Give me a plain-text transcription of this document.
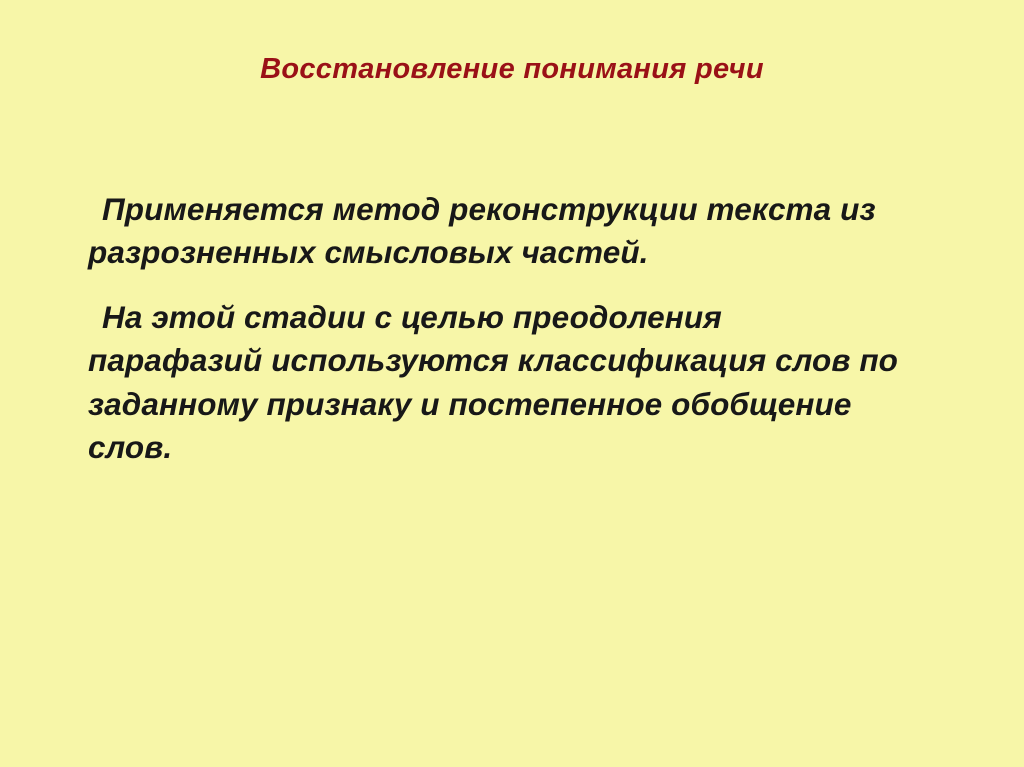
Восстановление понимания речи

Применяется метод реконструкции текста из разрозненных смысловых частей.

На этой стадии с целью преодоления парафазий используются классификация слов по заданному признаку и постепенное обобщение слов.
